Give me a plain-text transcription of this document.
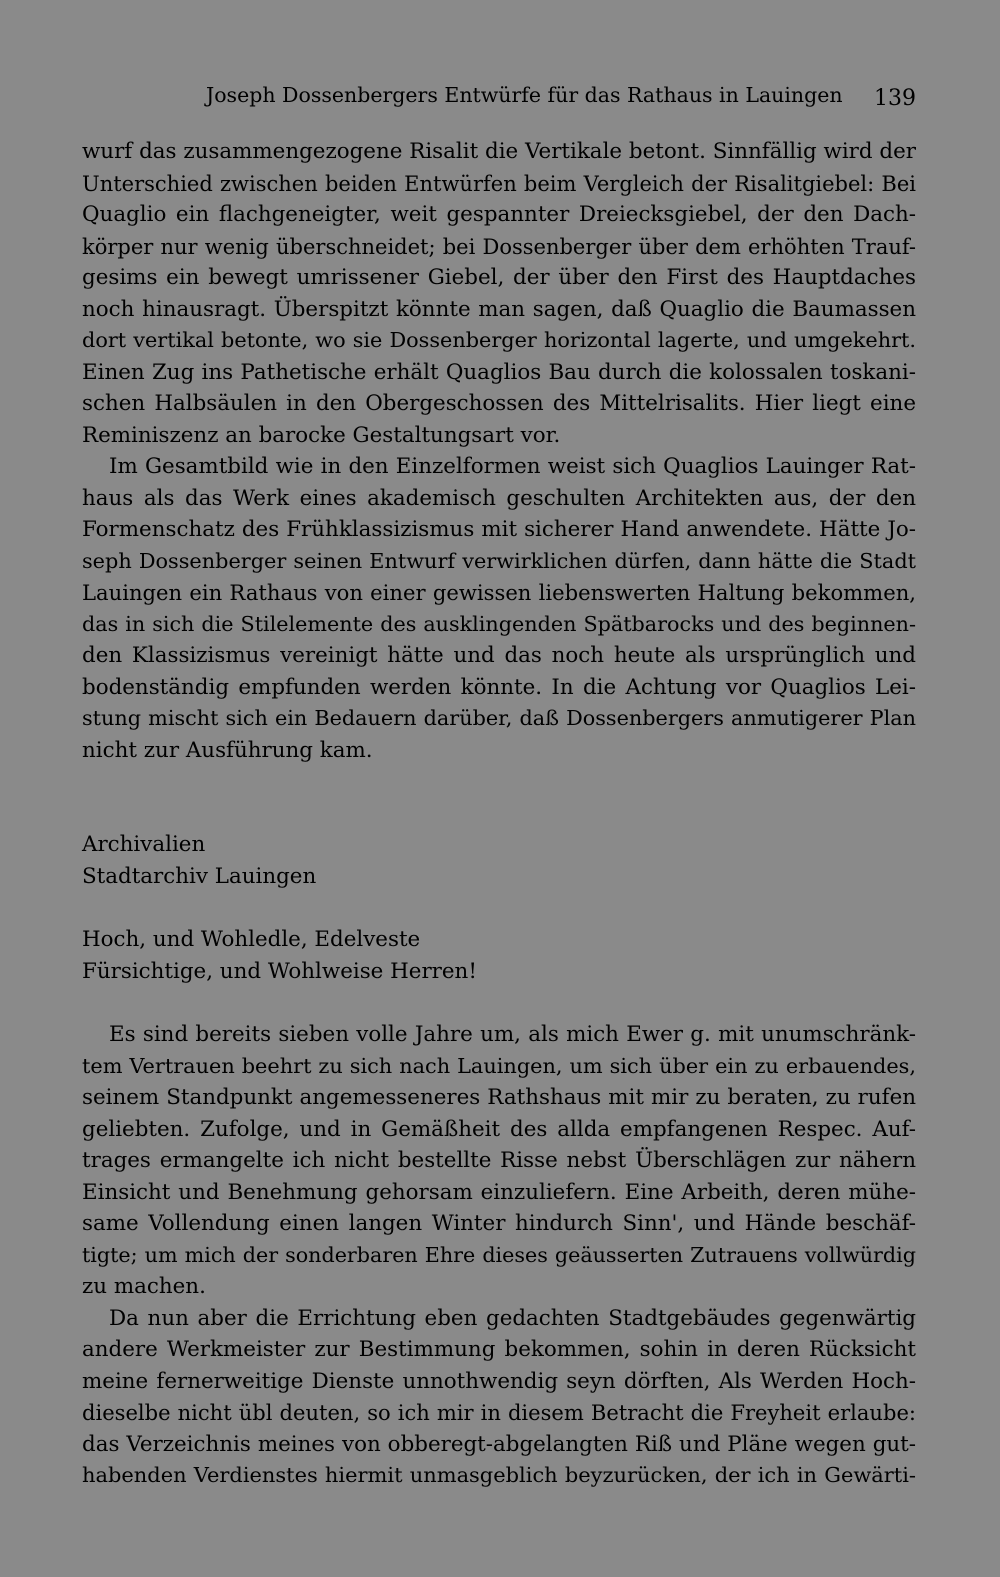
Joseph Dossenbergers Entwürfe für das Rathaus in Lauingen 139
wurf das zusammengezogene Risalit die Vertikale betont. Sinnfällig wird der
Unterschied zwischen beiden Entwürfen beim Vergleich der Risalitgiebel: Bei
Quaglio ein flachgeneigter, weit gespannter Dreiecksgiebel, der den Dach-
körper nur wenig überschneidet; bei Dossenberger über dem erhöhten Trauf-
gesims ein bewegt umrissener Giebel, der über den First des Hauptdaches
noch hinausragt. Überspitzt könnte man sagen, daß Quaglio die Baumassen
dort vertikal betonte, wo sie Dossenberger horizontal lagerte, und umgekehrt.
Einen Zug ins Pathetische erhält Quaglios Bau durch die kolossalen toskani-
schen Halbsäulen in den Obergeschossen des Mittelrisalits. Hier liegt eine
Reminiszenz an barocke Gestaltungsart vor.
Im Gesamtbild wie in den Einzelformen weist sich Quaglios Lauinger Rat-
haus als das Werk eines akademisch geschulten Architekten aus, der den
Formenschatz des Frühklassizismus mit sicherer Hand anwendete. Hätte Jo-
seph Dossenberger seinen Entwurf verwirklichen dürfen, dann hätte die Stadt
Lauingen ein Rathaus von einer gewissen liebenswerten Haltung bekommen,
das in sich die Stilelemente des ausklingenden Spätbarocks und des beginnen-
den Klassizismus vereinigt hätte und das noch heute als ursprünglich und
bodenständig empfunden werden könnte. In die Achtung vor Quaglios Lei-
stung mischt sich ein Bedauern darüber, daß Dossenbergers anmutigerer Plan
nicht zur Ausführung kam.
Archivalien
Stadtarchiv Lauingen
Hoch, und Wohledle, Edelveste
Fürsichtige, und Wohlweise Herren!
Es sind bereits sieben volle Jahre um, als mich Ewer g. mit unumschränk-
tem Vertrauen beehrt zu sich nach Lauingen, um sich über ein zu erbauendes,
seinem Standpunkt angemesseneres Rathshaus mit mir zu beraten, zu rufen
geliebten. Zufolge, und in Gemäßheit des allda empfangenen Respec. Auf-
trages ermangelte ich nicht bestellte Risse nebst Überschlägen zur nähern
Einsicht und Benehmung gehorsam einzuliefern. Eine Arbeith, deren mühe-
same Vollendung einen langen Winter hindurch Sinn', und Hände beschäf-
tigte; um mich der sonderbaren Ehre dieses geäusserten Zutrauens vollwürdig
zu machen.
Da nun aber die Errichtung eben gedachten Stadtgebäudes gegenwärtig
andere Werkmeister zur Bestimmung bekommen, sohin in deren Rücksicht
meine fernerweitige Dienste unnothwendig seyn dörften, Als Werden Hoch-
dieselbe nicht übl deuten, so ich mir in diesem Betracht die Freyheit erlaube:
das Verzeichnis meines von obberegt-abgelangten Riß und Pläne wegen gut-
habenden Verdienstes hiermit unmasgeblich beyzurücken, der ich in Gewärti-
